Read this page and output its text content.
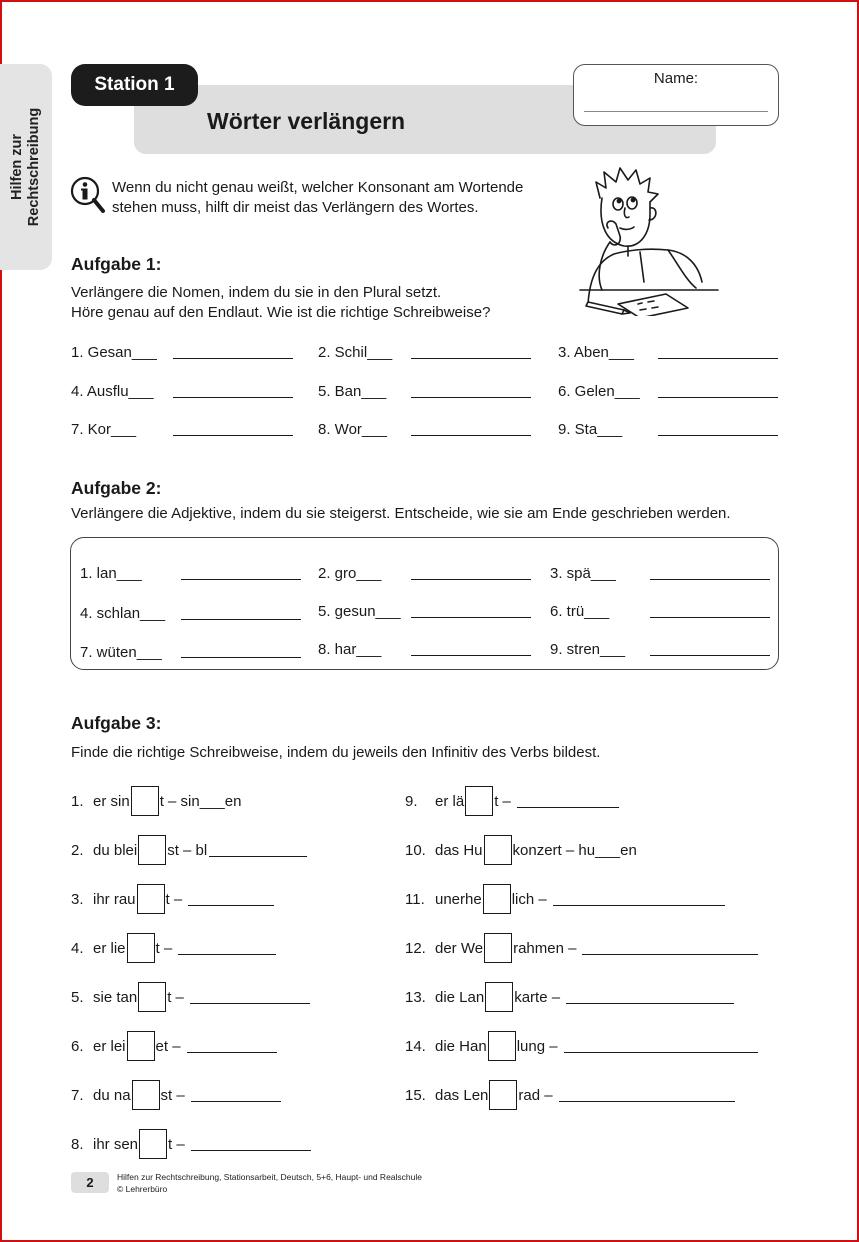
Hilfen zur Rechtschreibung
Station 1
Wörter verlängern
Name:
Wenn du nicht genau weißt, welcher Konsonant am Wortende
stehen muss, hilft dir meist das Verlängern des Wortes.
Aufgabe 1:
Verlängere die Nomen, indem du sie in den Plural setzt.
Höre genau auf den Endlaut. Wie ist die richtige Schreibweise?
1. Gesan___	2. Schil___	3. Aben___
4. Ausflu___	5. Ban___	6. Gelen___
7. Kor___	8. Wor___	9. Sta___
Aufgabe 2:
Verlängere die Adjektive, indem du sie steigerst. Entscheide, wie sie am Ende geschrieben werden.
1. lan___	2. gro___	3. spä___
4. schlan___	5. gesun___	6. trü___
7. wüten___	8. har___	9. stren___
Aufgabe 3:
Finde die richtige Schreibweise, indem du jeweils den Infinitiv des Verbs bildest.
1. er sin t – sin___en
2. du blei st – bl
3. ihr rau t –
4. er lie t –
5. sie tan t –
6. er lei et –
7. du na st –
8. ihr sen t –
9.	er lä t –
10. das Hu konzert – hu___en
11. unerhe lich –
12. der We rahmen –
13. die Lan karte –
14. die Han lung –
15. das Len rad –
2	Hilfen zur Rechtschreibung, Stationsarbeit, Deutsch, 5+6, Haupt- und Realschule
© Lehrerbüro
